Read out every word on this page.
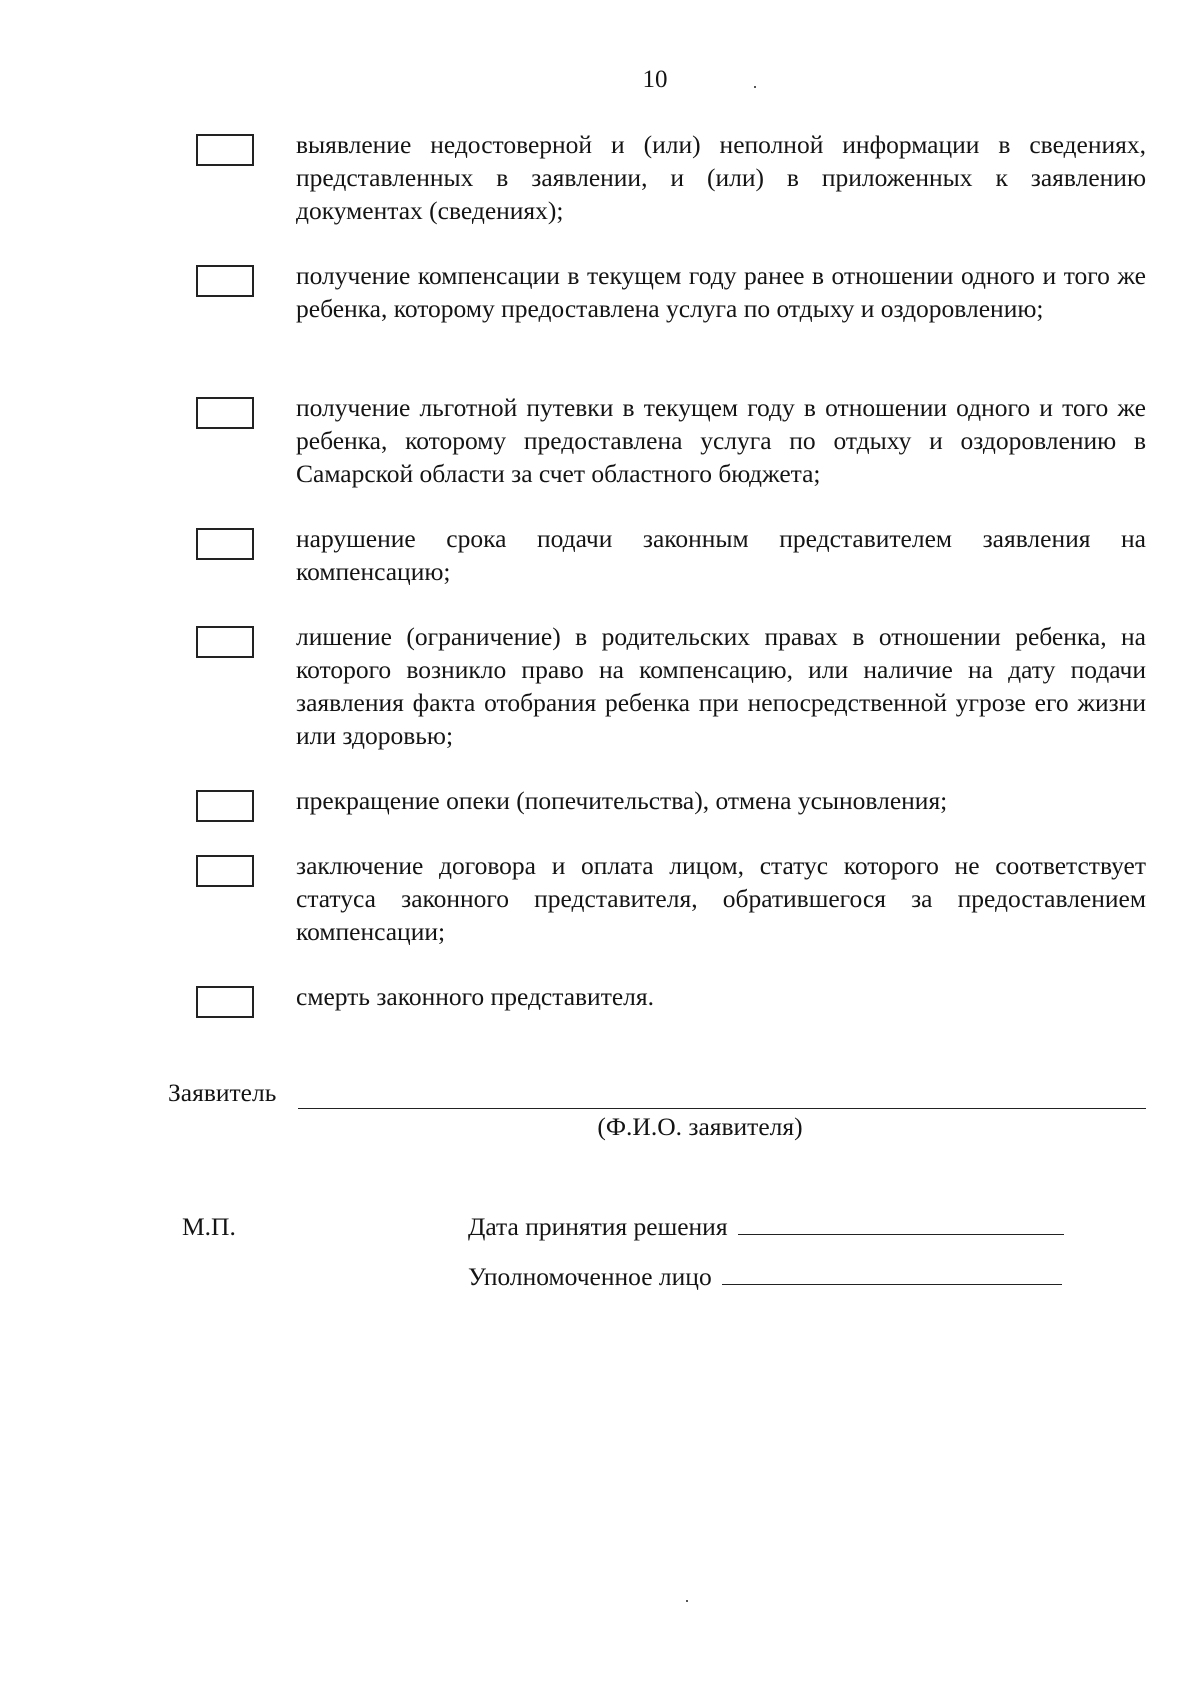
10
выявление недостоверной и (или) неполной информации в сведениях, представленных в заявлении, и (или) в приложенных к заявлению документах (сведениях);
получение компенсации в текущем году ранее в отношении одного и того же ребенка, которому предоставлена услуга по отдыху и оздоровлению;
получение льготной путевки в текущем году в отношении одного и того же ребенка, которому предоставлена услуга по отдыху и оздоровлению в Самарской области за счет областного бюджета;
нарушение срока подачи законным представителем заявления на компенсацию;
лишение (ограничение) в родительских правах в отношении ребенка, на которого возникло право на компенсацию, или наличие на дату подачи заявления факта отобрания ребенка при непосредственной угрозе его жизни или здоровью;
прекращение опеки (попечительства), отмена усыновления;
заключение договора и оплата лицом, статус которого не соответствует статуса законного представителя, обратившегося за предоставлением компенсации;
смерть законного представителя.
Заявитель
(Ф.И.О. заявителя)
М.П.	Дата принятия решения
Уполномоченное лицо
